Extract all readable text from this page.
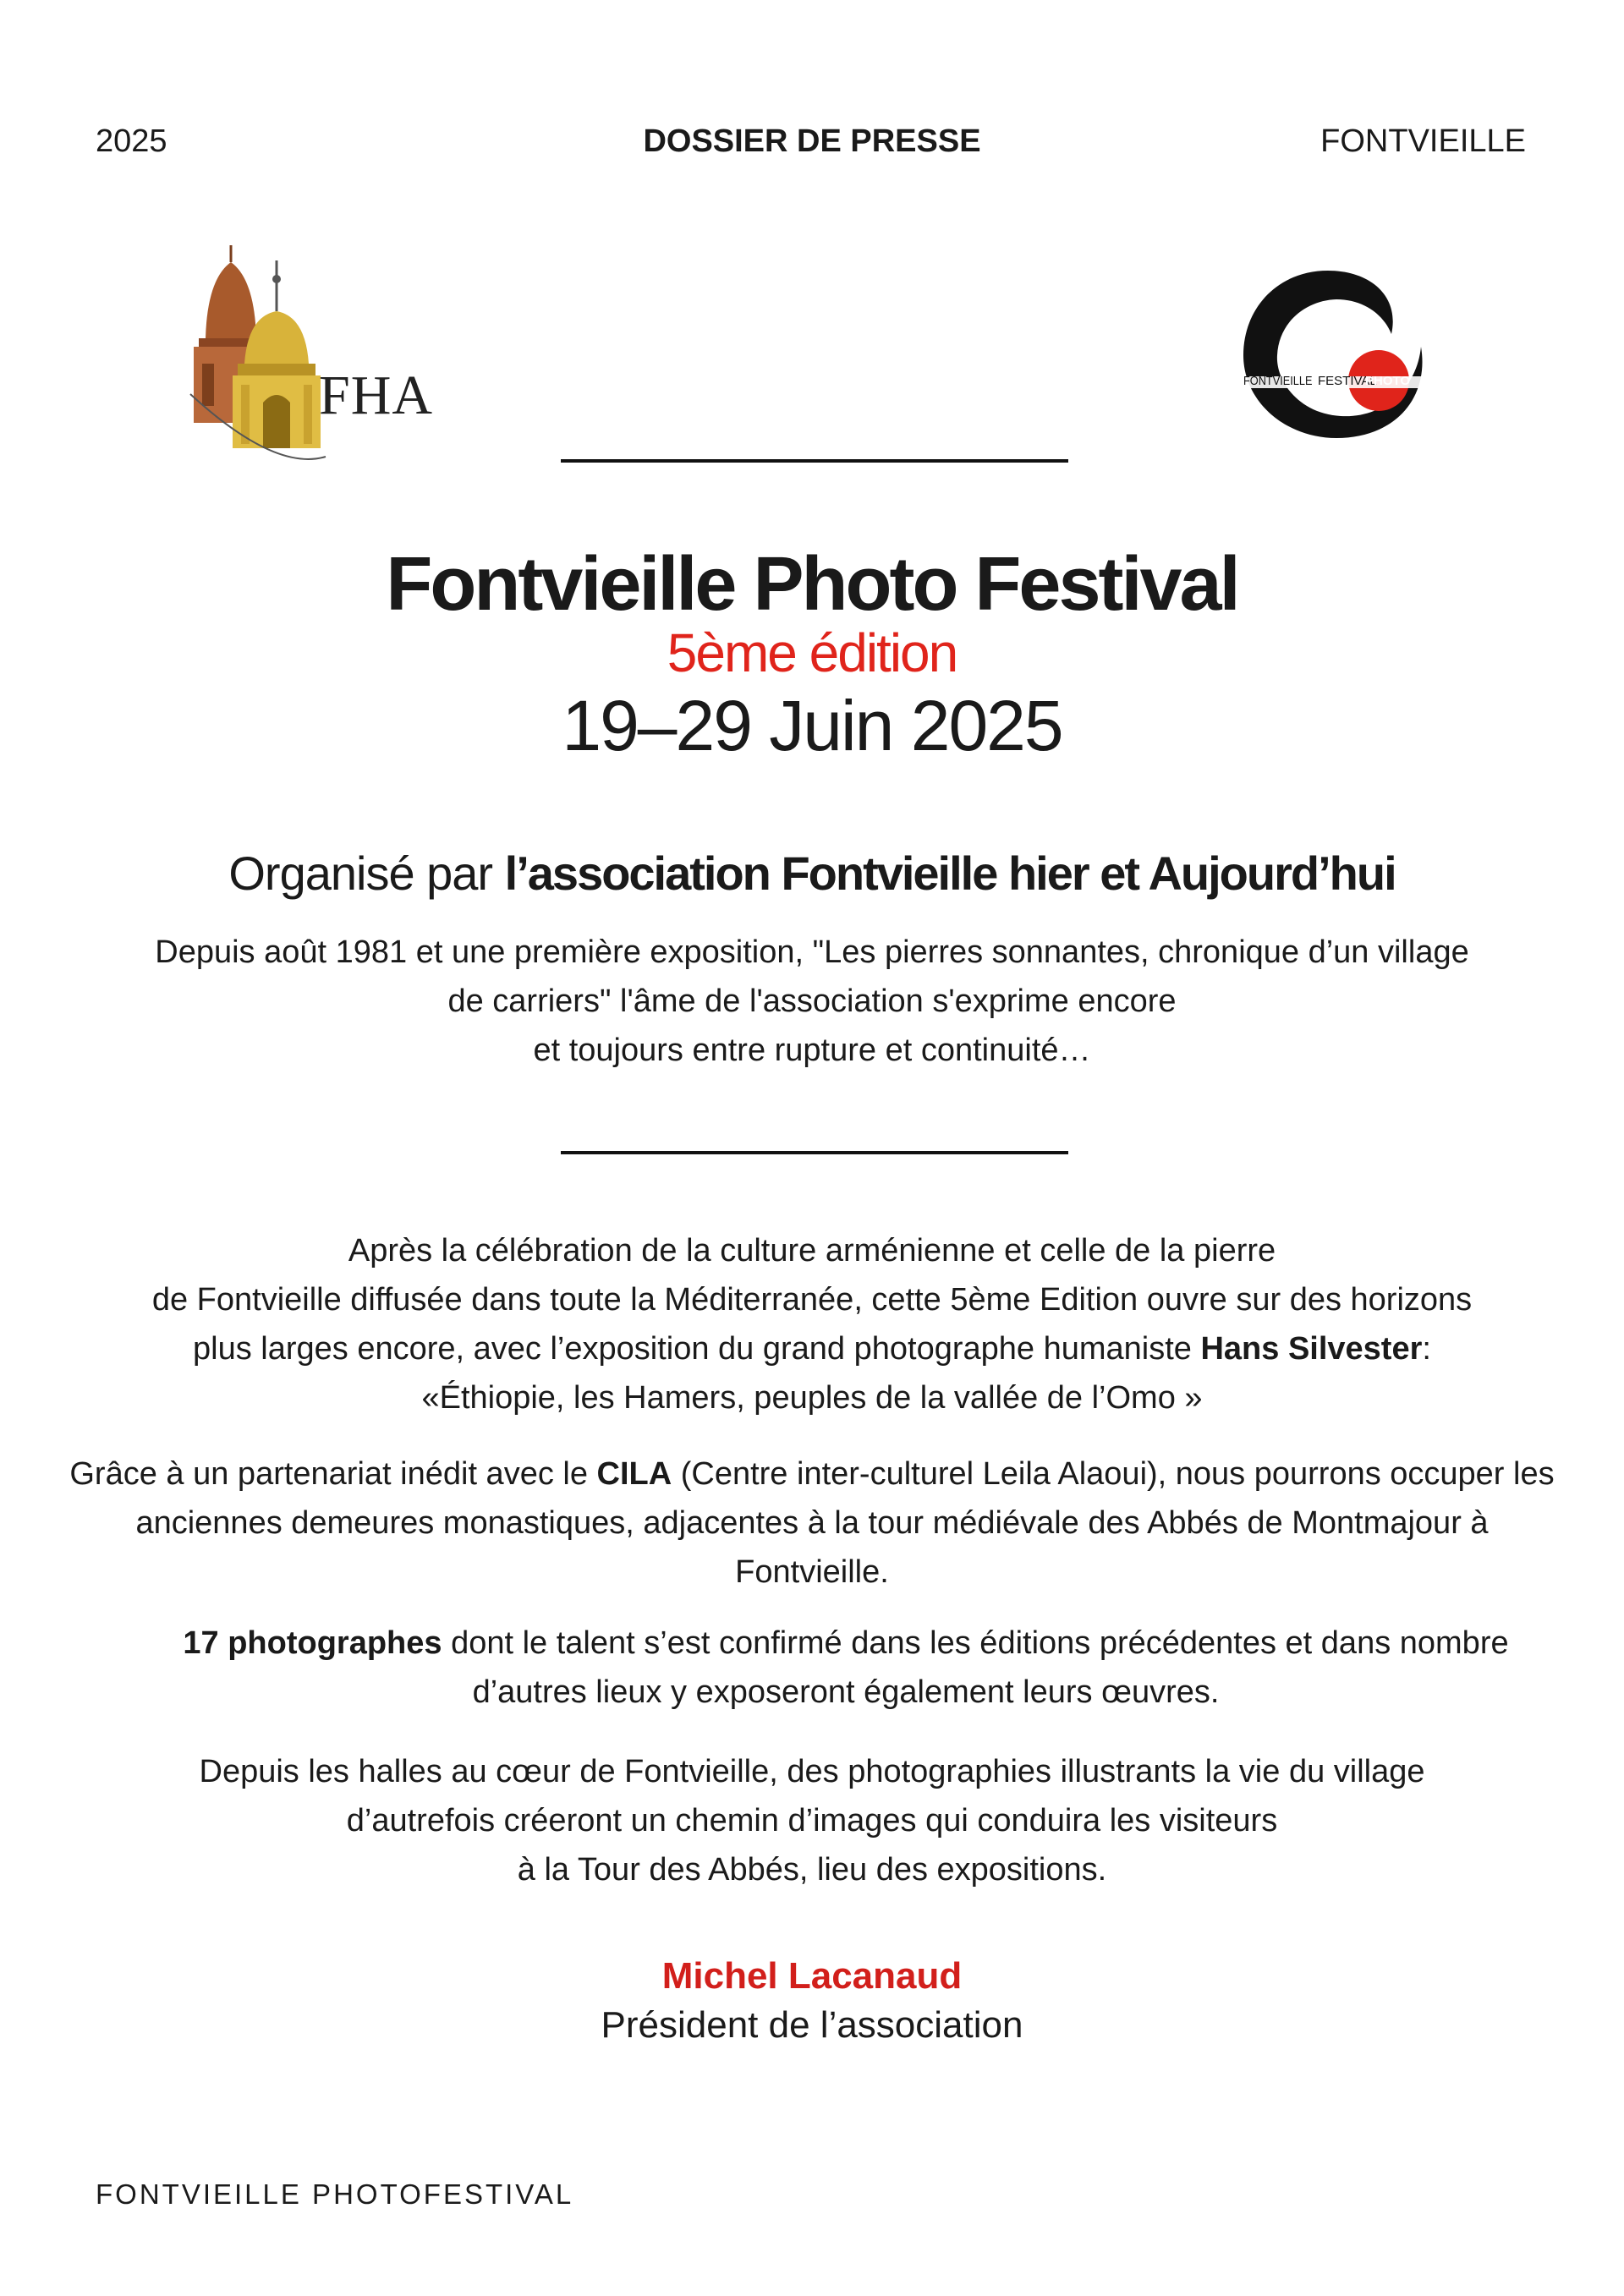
2025	DOSSIER DE PRESSE	FONTVIEILLE
FHA	FONTVIEILLE FESTIVAL
PHOTO
Fontvieille Photo Festival
5ème édition
19–29 Juin 2025
Organisé par l’association Fontvieille hier et Aujourd’hui
Depuis août 1981 et une première exposition, "Les pierres sonnantes, chronique d’un village
de carriers" l'âme de l'association s'exprime encore
et toujours entre rupture et continuité…
Après la célébration de la culture arménienne et celle de la pierre
de Fontvieille diffusée dans toute la Méditerranée, cette 5ème Edition ouvre sur des horizons
plus larges encore, avec l’exposition du grand photographe humaniste Hans Silvester:
«Éthiopie, les Hamers, peuples de la vallée de l’Omo »
Grâce à un partenariat inédit avec le CILA (Centre inter-culturel Leila Alaoui), nous pourrons occuper les anciennes demeures monastiques, adjacentes à la tour médiévale des Abbés de Montmajour à Fontvieille.
17 photographes dont le talent s’est confirmé dans les éditions précédentes et dans nombre d’autres lieux y exposeront également leurs œuvres.
Depuis les halles au cœur de Fontvieille, des photographies illustrants la vie du village
d’autrefois créeront un chemin d’images qui conduira les visiteurs
à la Tour des Abbés, lieu des expositions.
Michel Lacanaud
Président de l’association
FONTVIEILLE PHOTOFESTIVAL
